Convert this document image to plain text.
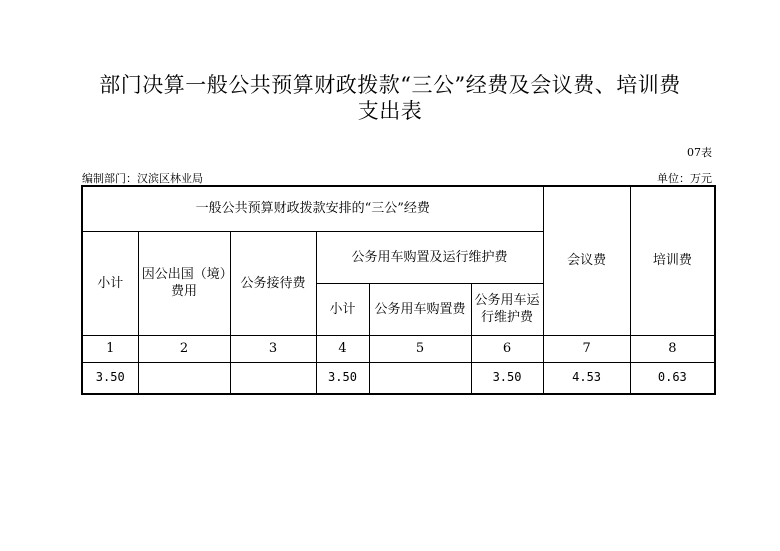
部门决算一般公共预算财政拨款“三公”经费及会议费、培训费
支出表
07表
编制部门：汉滨区林业局	单位：万元
一般公共预算财政拨款安排的“三公”经费						会议费	培训费
小计	因公出国（境）费用	公务接待费	公务用车购置及运行维护费				
			小计	公务用车购置费	公务用车运行维护费		
1	2	3	4	5	6	7	8
3.50			3.50		3.50	4.53	0.63
